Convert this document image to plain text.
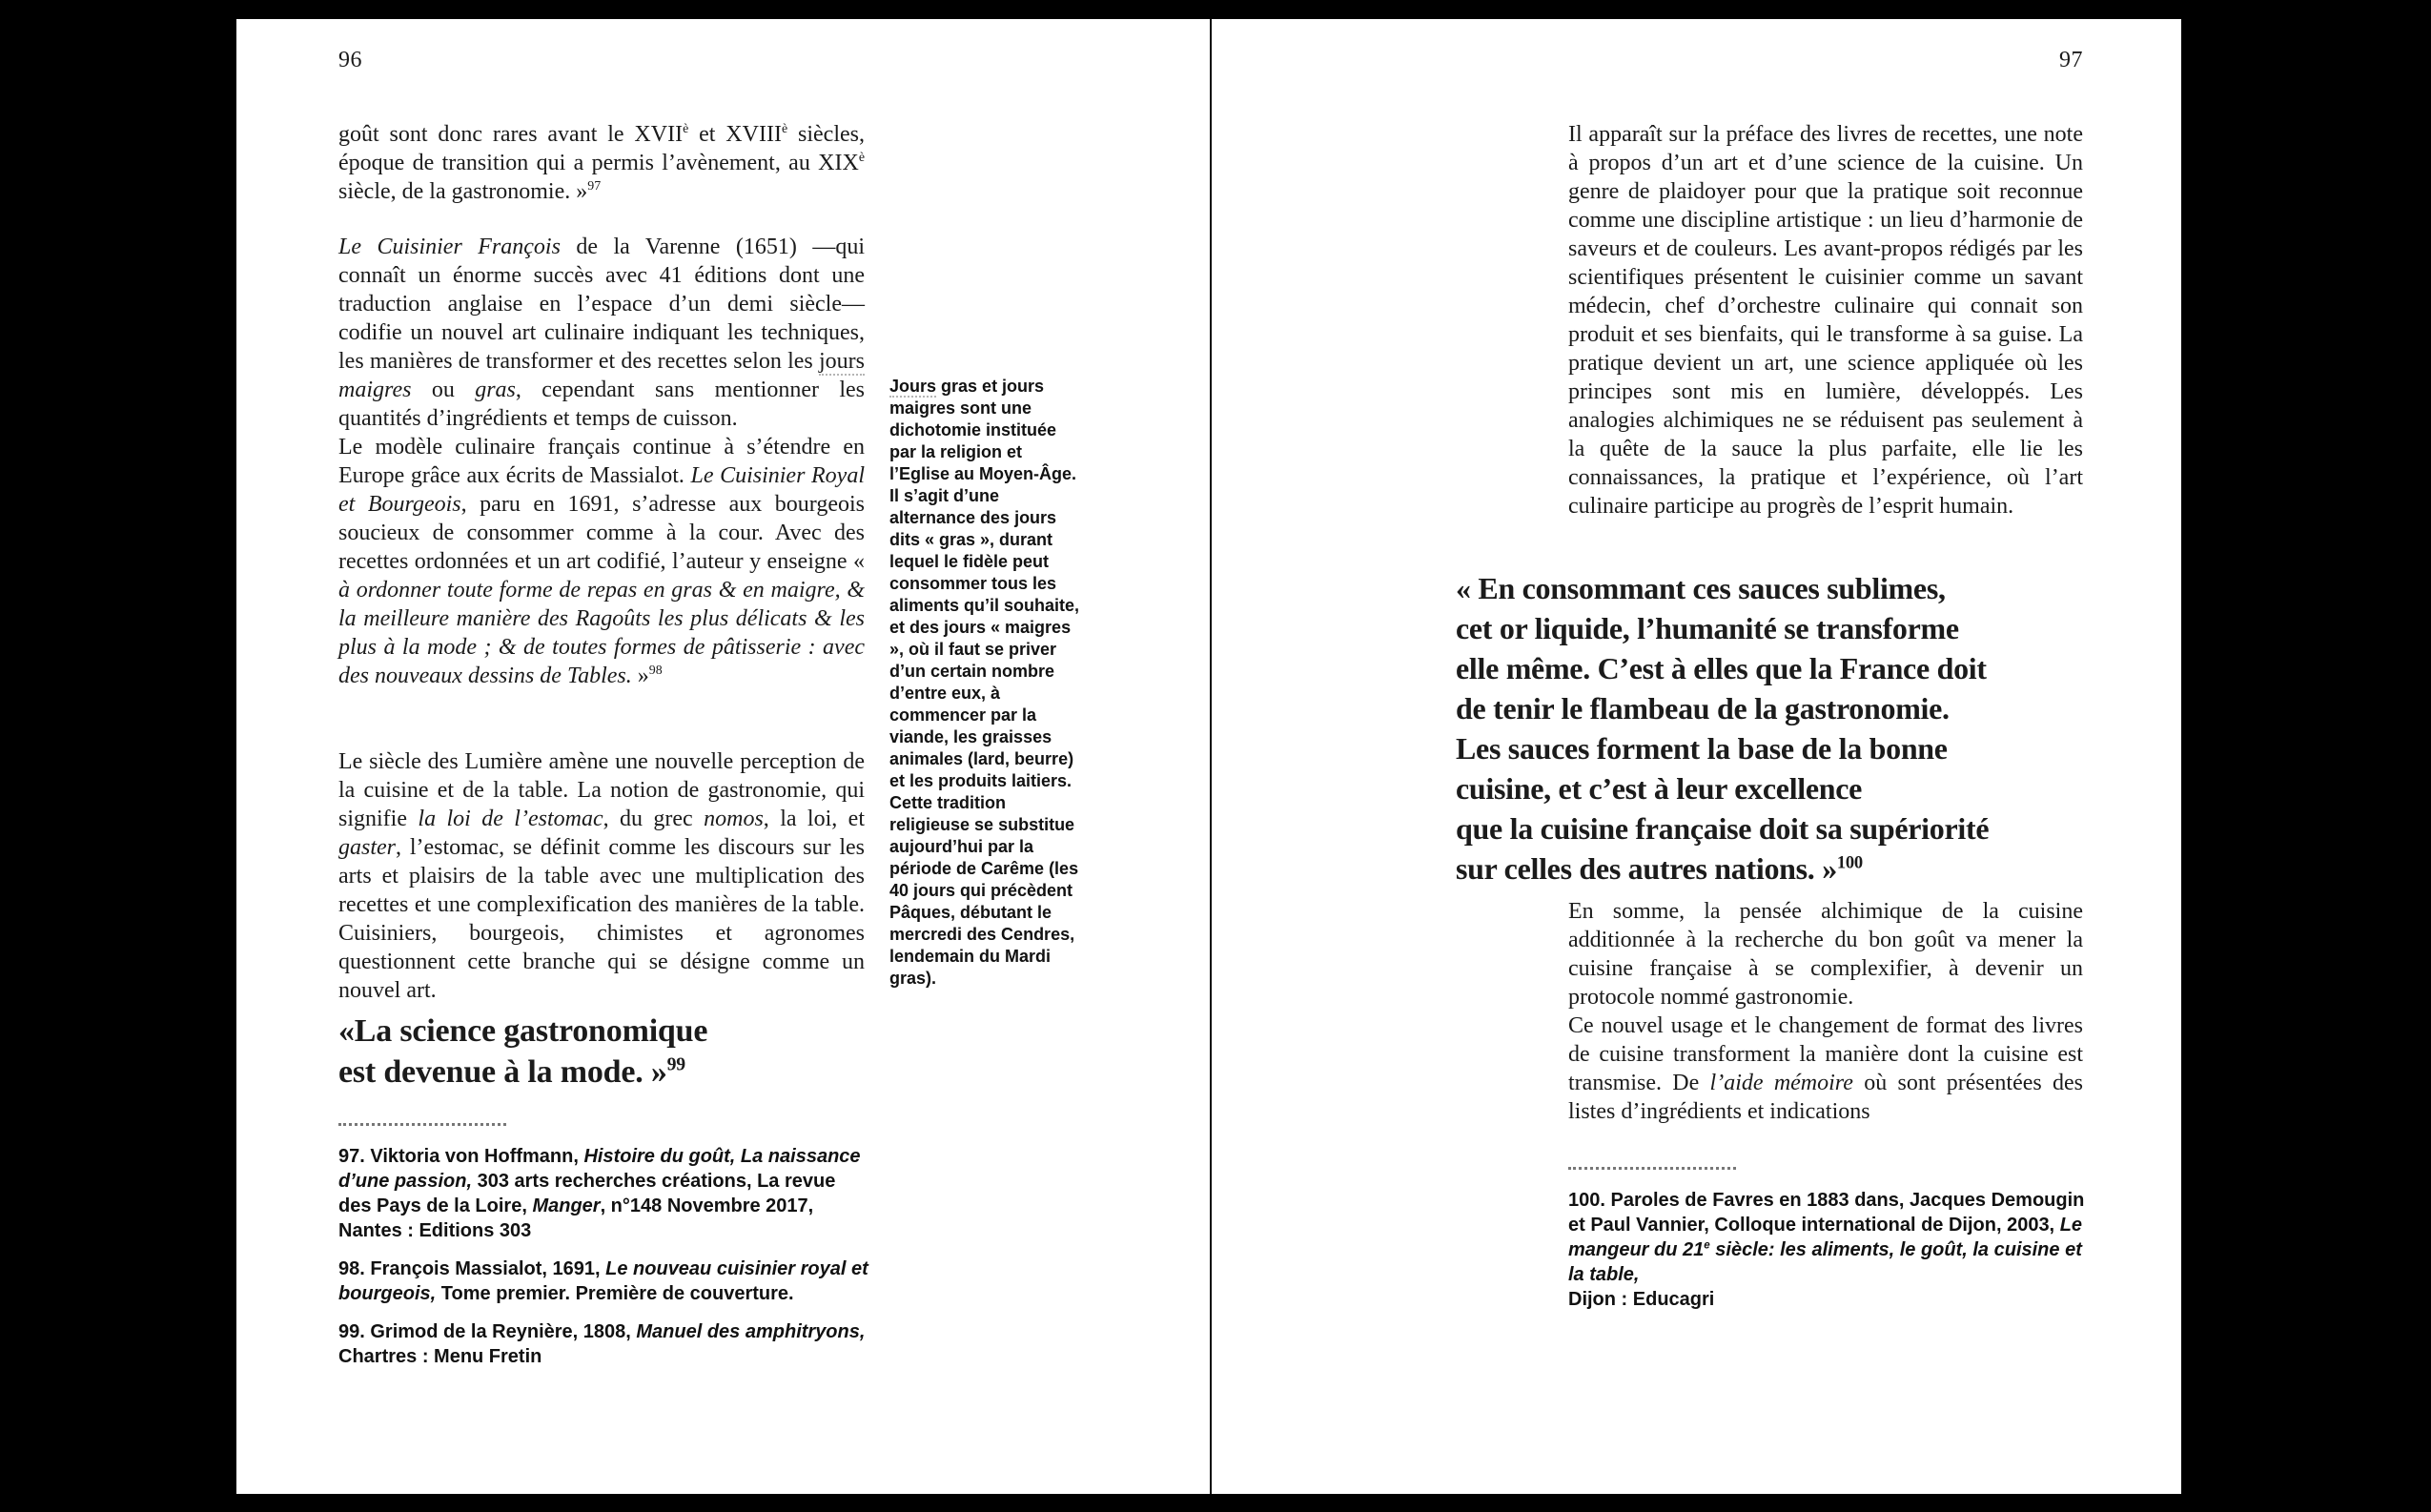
96
goût sont donc rares avant le $XVII^è$ et $XVIII^è$ siècles, époque de transition qui a permis l’avènement, au $XIX^è$ siècle, de la gastronomie. »$^{97}$
Le Cuisinier François de la Varenne (1651) —qui connaît un énorme succès avec 41 éditions dont une traduction anglaise en l’espace d’un demi siècle— codifie un nouvel art culinaire indiquant les techniques, les manières de transformer et des recettes selon les jours maigres ou gras, cependant sans mentionner les quantités d’ingrédients et temps de cuisson.
Le modèle culinaire français continue à s’étendre en Europe grâce aux écrits de Massialot. Le Cuisinier Royal et Bourgeois, paru en 1691, s’adresse aux bourgeois soucieux de consommer comme à la cour. Avec des recettes ordonnées et un art codifié, l’auteur y enseigne « à ordonner toute forme de repas en gras & en maigre, & la meilleure manière des Ragoûts les plus délicats & les plus à la mode ; & de toutes formes de pâtisserie : avec des nouveaux dessins de Tables. »$^{98}$
Le siècle des Lumière amène une nouvelle perception de la cuisine et de la table. La notion de gastronomie, qui signifie la loi de l’estomac, du grec nomos, la loi, et gaster, l’estomac, se définit comme les discours sur les arts et plaisirs de la table avec une multiplication des recettes et une complexification des manières de la table. Cuisiniers, bourgeois, chimistes et agronomes questionnent cette branche qui se désigne comme un nouvel art.
«La science gastronomique
est devenue à la mode. »$^{99}$
97. Viktoria von Hoffmann, Histoire du goût, La naissance d’une passion, 303 arts recherches créations, La revue des Pays de la Loire, Manger, n°148 Novembre 2017, Nantes : Editions 303
98. François Massialot, 1691, Le nouveau cuisinier royal et bourgeois, Tome premier. Première de couverture.
99. Grimod de la Reynière, 1808, Manuel des amphitryons, Chartres : Menu Fretin
Jours gras et jours maigres sont une dichotomie instituée par la religion et l’Eglise au Moyen-Âge. Il s’agit d’une alternance des jours dits « gras », durant lequel le fidèle peut consommer tous les aliments qu’il souhaite, et des jours « maigres », où il faut se priver d’un certain nombre d’entre eux, à commencer par la viande, les graisses animales (lard, beurre) et les produits laitiers. Cette tradition religieuse se substitue aujourd’hui par la période de Carême (les 40 jours qui précèdent Pâques, débutant le mercredi des Cendres, lendemain du Mardi gras).
97
Il apparaît sur la préface des livres de recettes, une note à propos d’un art et d’une science de la cuisine. Un genre de plaidoyer pour que la pratique soit reconnue comme une discipline artistique : un lieu d’harmonie de saveurs et de couleurs. Les avant-propos rédigés par les scientifiques présentent le cuisinier comme un savant médecin, chef d’orchestre culinaire qui connait son produit et ses bienfaits, qui le transforme à sa guise. La pratique devient un art, une science appliquée où les principes sont mis en lumière, développés. Les analogies alchimiques ne se réduisent pas seulement à la quête de la sauce la plus parfaite, elle lie les connaissances, la pratique et l’expérience, où l’art culinaire participe au progrès de l’esprit humain.
« En consommant ces sauces sublimes,
cet or liquide, l’humanité se transforme
elle même. C’est à elles que la France doit
de tenir le flambeau de la gastronomie.
Les sauces forment la base de la bonne
cuisine, et c’est à leur excellence
que la cuisine française doit sa supériorité
sur celles des autres nations. »$^{100}$
En somme, la pensée alchimique de la cuisine additionnée à la recherche du bon goût va mener la cuisine française à se complexifier, à devenir un protocole nommé gastronomie.
Ce nouvel usage et le changement de format des livres de cuisine transforment la manière dont la cuisine est transmise. De l’aide mémoire où sont présentées des listes d’ingrédients et indications
100. Paroles de Favres en 1883 dans, Jacques Demougin et Paul Vannier, Colloque international de Dijon, 2003, Le mangeur du 21e siècle: les aliments, le goût, la cuisine et la table,
Dijon : Educagri
